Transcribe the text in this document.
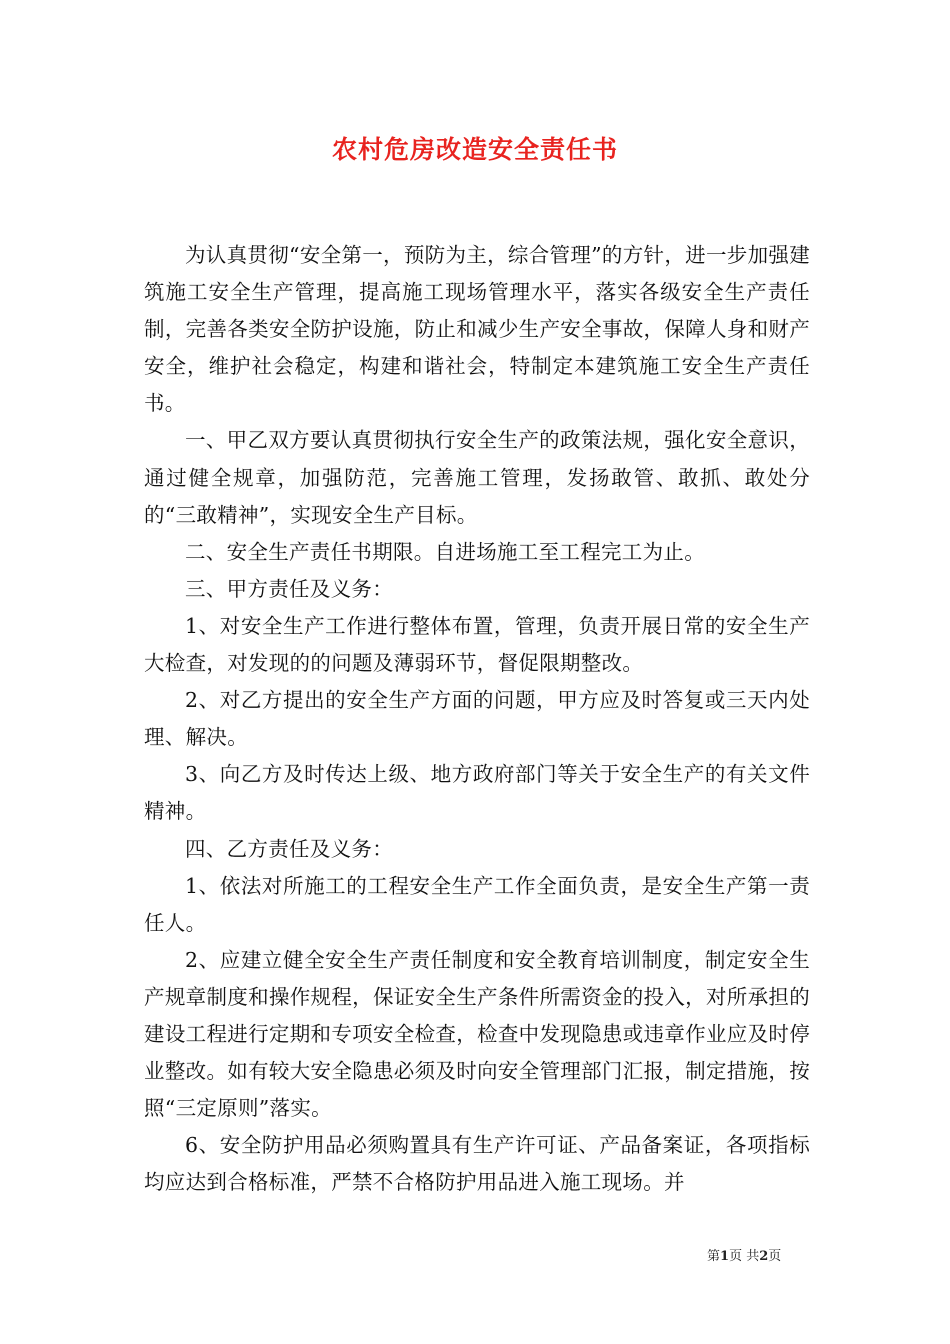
农村危房改造安全责任书

为认真贯彻“安全第一，预防为主，综合管理”的方针，进一步加强建筑施工安全生产管理，提高施工现场管理水平，落实各级安全生产责任制，完善各类安全防护设施，防止和减少生产安全事故，保障人身和财产安全，维护社会稳定，构建和谐社会，特制定本建筑施工安全生产责任书。

一、甲乙双方要认真贯彻执行安全生产的政策法规，强化安全意识，通过健全规章，加强防范，完善施工管理，发扬敢管、敢抓、敢处分的“三敢精神”，实现安全生产目标。

二、安全生产责任书期限。自进场施工至工程完工为止。

三、甲方责任及义务：

1、对安全生产工作进行整体布置，管理，负责开展日常的安全生产大检查，对发现的的问题及薄弱环节，督促限期整改。

2、对乙方提出的安全生产方面的问题，甲方应及时答复或三天内处理、解决。

3、向乙方及时传达上级、地方政府部门等关于安全生产的有关文件精神。

四、乙方责任及义务：

1、依法对所施工的工程安全生产工作全面负责，是安全生产第一责任人。

2、应建立健全安全生产责任制度和安全教育培训制度，制定安全生产规章制度和操作规程，保证安全生产条件所需资金的投入，对所承担的建设工程进行定期和专项安全检查，检查中发现隐患或违章作业应及时停业整改。如有较大安全隐患必须及时向安全管理部门汇报，制定措施，按照“三定原则”落实。

6、安全防护用品必须购置具有生产许可证、产品备案证，各项指标均应达到合格标准，严禁不合格防护用品进入施工现场。并

第1页 共2页
